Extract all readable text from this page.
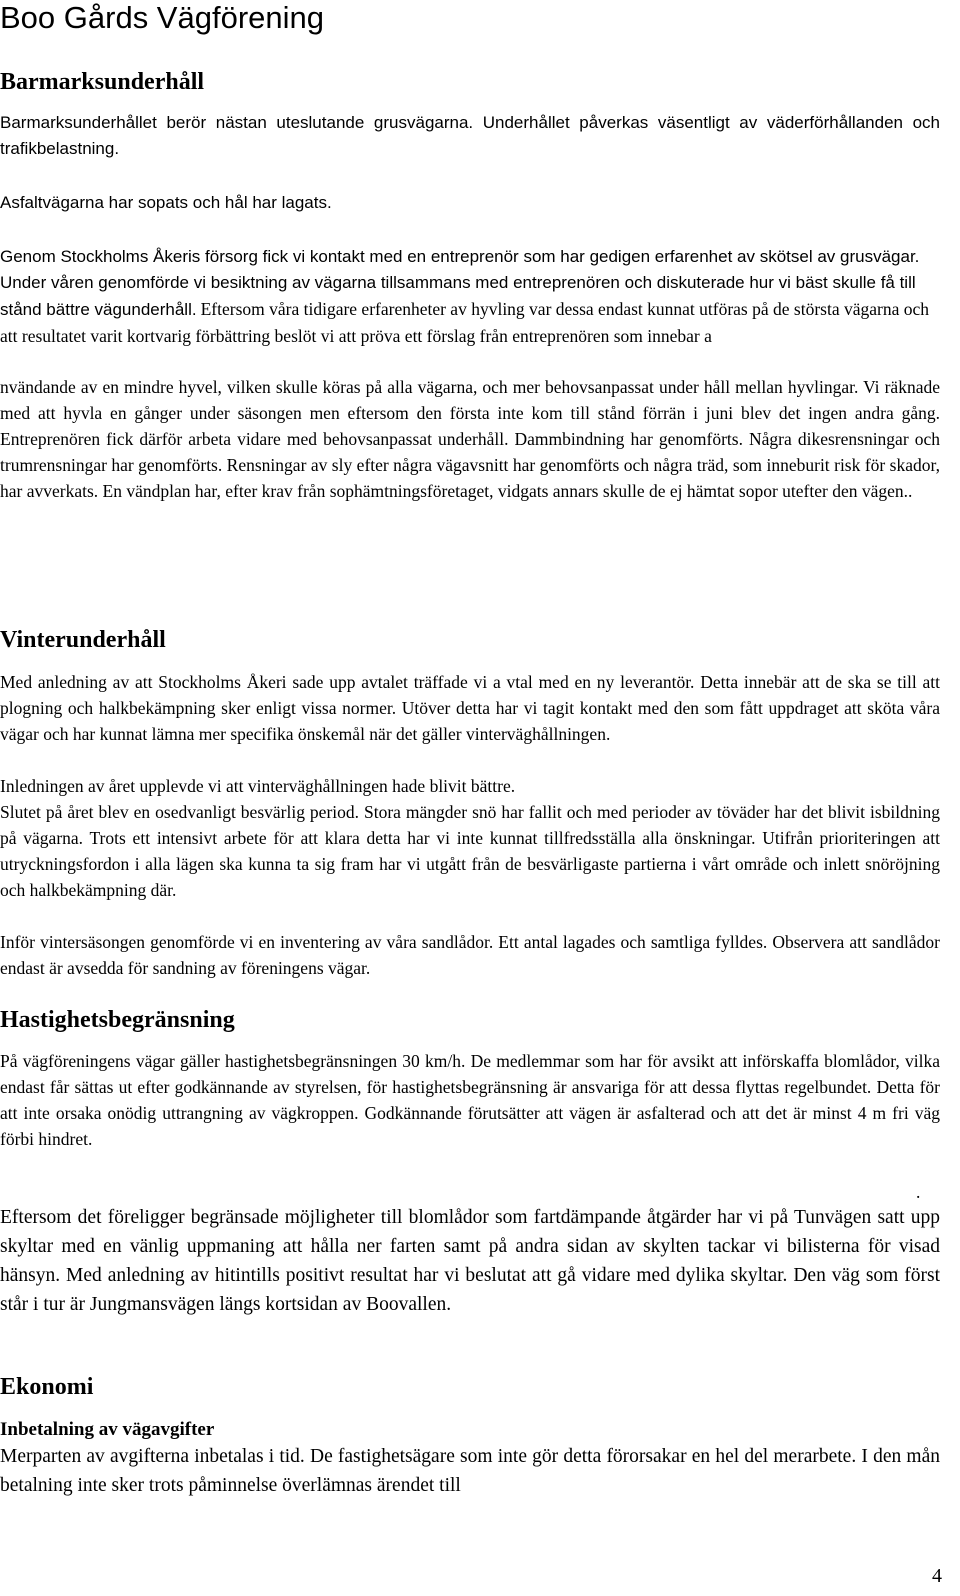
Boo Gårds Vägförening
Barmarksunderhåll

Barmarksunderhållet berör nästan uteslutande grusvägarna. Underhållet påverkas väsentligt av väderförhållanden och trafikbelastning.

Asfaltvägarna har sopats och hål har lagats.

Genom Stockholms Åkeris försorg fick vi kontakt med en entreprenör som har gedigen erfarenhet av skötsel av grusvägar. Under våren genomförde vi besiktning av vägarna tillsammans med entreprenören och diskuterade hur vi bäst skulle få till stånd bättre vägunderhåll.

Eftersom våra tidigare erfarenheter av hyvling var dessa endast kunnat utföras på de största vägarna och att resultatet varit kortvarig förbättring beslöt vi att pröva ett förslag från entreprenören som innebar a

nvändande av en mindre hyvel, vilken skulle köras på alla vägarna, och mer behovsanpassat under håll mellan hyvlingar. Vi räknade med att hyvla en gånger under säsongen men eftersom den första inte kom till stånd förrän i juni blev det ingen andra gång. Entreprenören fick därför arbeta vidare med behovsanpassat underhåll. Dammbindning har genomförts. Några dikesrensningar och trumrensningar har genomförts. Rensningar av sly efter några vägavsnitt har genomförts och några träd, som inneburit risk för skador, har avverkats. En vändplan har, efter krav från sophämtningsföretaget, vidgats annars skulle de ej hämtat sopor utefter den vägen..

Vinterunderhåll

Med anledning av att Stockholms Åkeri sade upp avtalet träffade vi a vtal med en ny leverantör. Detta innebär att de ska se till att plogning och halkbekämpning sker enligt vissa normer. Utöver detta har vi tagit kontakt med den som fått uppdraget att sköta våra vägar och har kunnat lämna mer specifika önskemål när det gäller vinterväghållningen.

Inledningen av året upplevde vi att vinterväghållningen hade blivit bättre.

Slutet på året blev en osedvanligt besvärlig period. Stora mängder snö har fallit och med perioder av töväder har det blivit isbildning på vägarna. Trots ett intensivt arbete för att klara detta har vi inte kunnat tillfredsställa alla önskningar. Utifrån prioriteringen att utryckningsfordon i alla lägen ska kunna ta sig fram har vi utgått från de besvärligaste partierna i vårt område och inlett snöröjning och halkbekämpning där.

Inför vintersäsongen genomförde vi en inventering av våra sandlådor. Ett antal lagades och samtliga fylldes. Observera att sandlådor endast är avsedda för sandning av föreningens vägar.

Hastighetsbegränsning

På vägföreningens vägar gäller hastighetsbegränsningen 30 km/h. De medlemmar som har för avsikt att införskaffa blomlådor, vilka endast får sättas ut efter godkännande av styrelsen, för hastighetsbegränsning är ansvariga för att dessa flyttas regelbundet. Detta för att inte orsaka onödig uttrangning av vägkroppen. Godkännande förutsätter att vägen är asfalterad och att det är minst 4 m fri väg förbi hindret.

.

Eftersom det föreligger begränsade möjligheter till blomlådor som fartdämpande åtgärder har vi på Tunvägen satt upp skyltar med en vänlig uppmaning att hålla ner farten samt på andra sidan av skylten tackar vi bilisterna för visad hänsyn. Med anledning av hitintills positivt resultat har vi beslutat att gå vidare med dylika skyltar. Den väg som först står i tur är Jungmansvägen längs kortsidan av Boovallen.

Ekonomi
Inbetalning av vägavgifter

Merparten av avgifterna inbetalas i tid. De fastighetsägare som inte gör detta förorsakar en hel del merarbete. I den mån betalning inte sker trots påminnelse överlämnas ärendet till

4
